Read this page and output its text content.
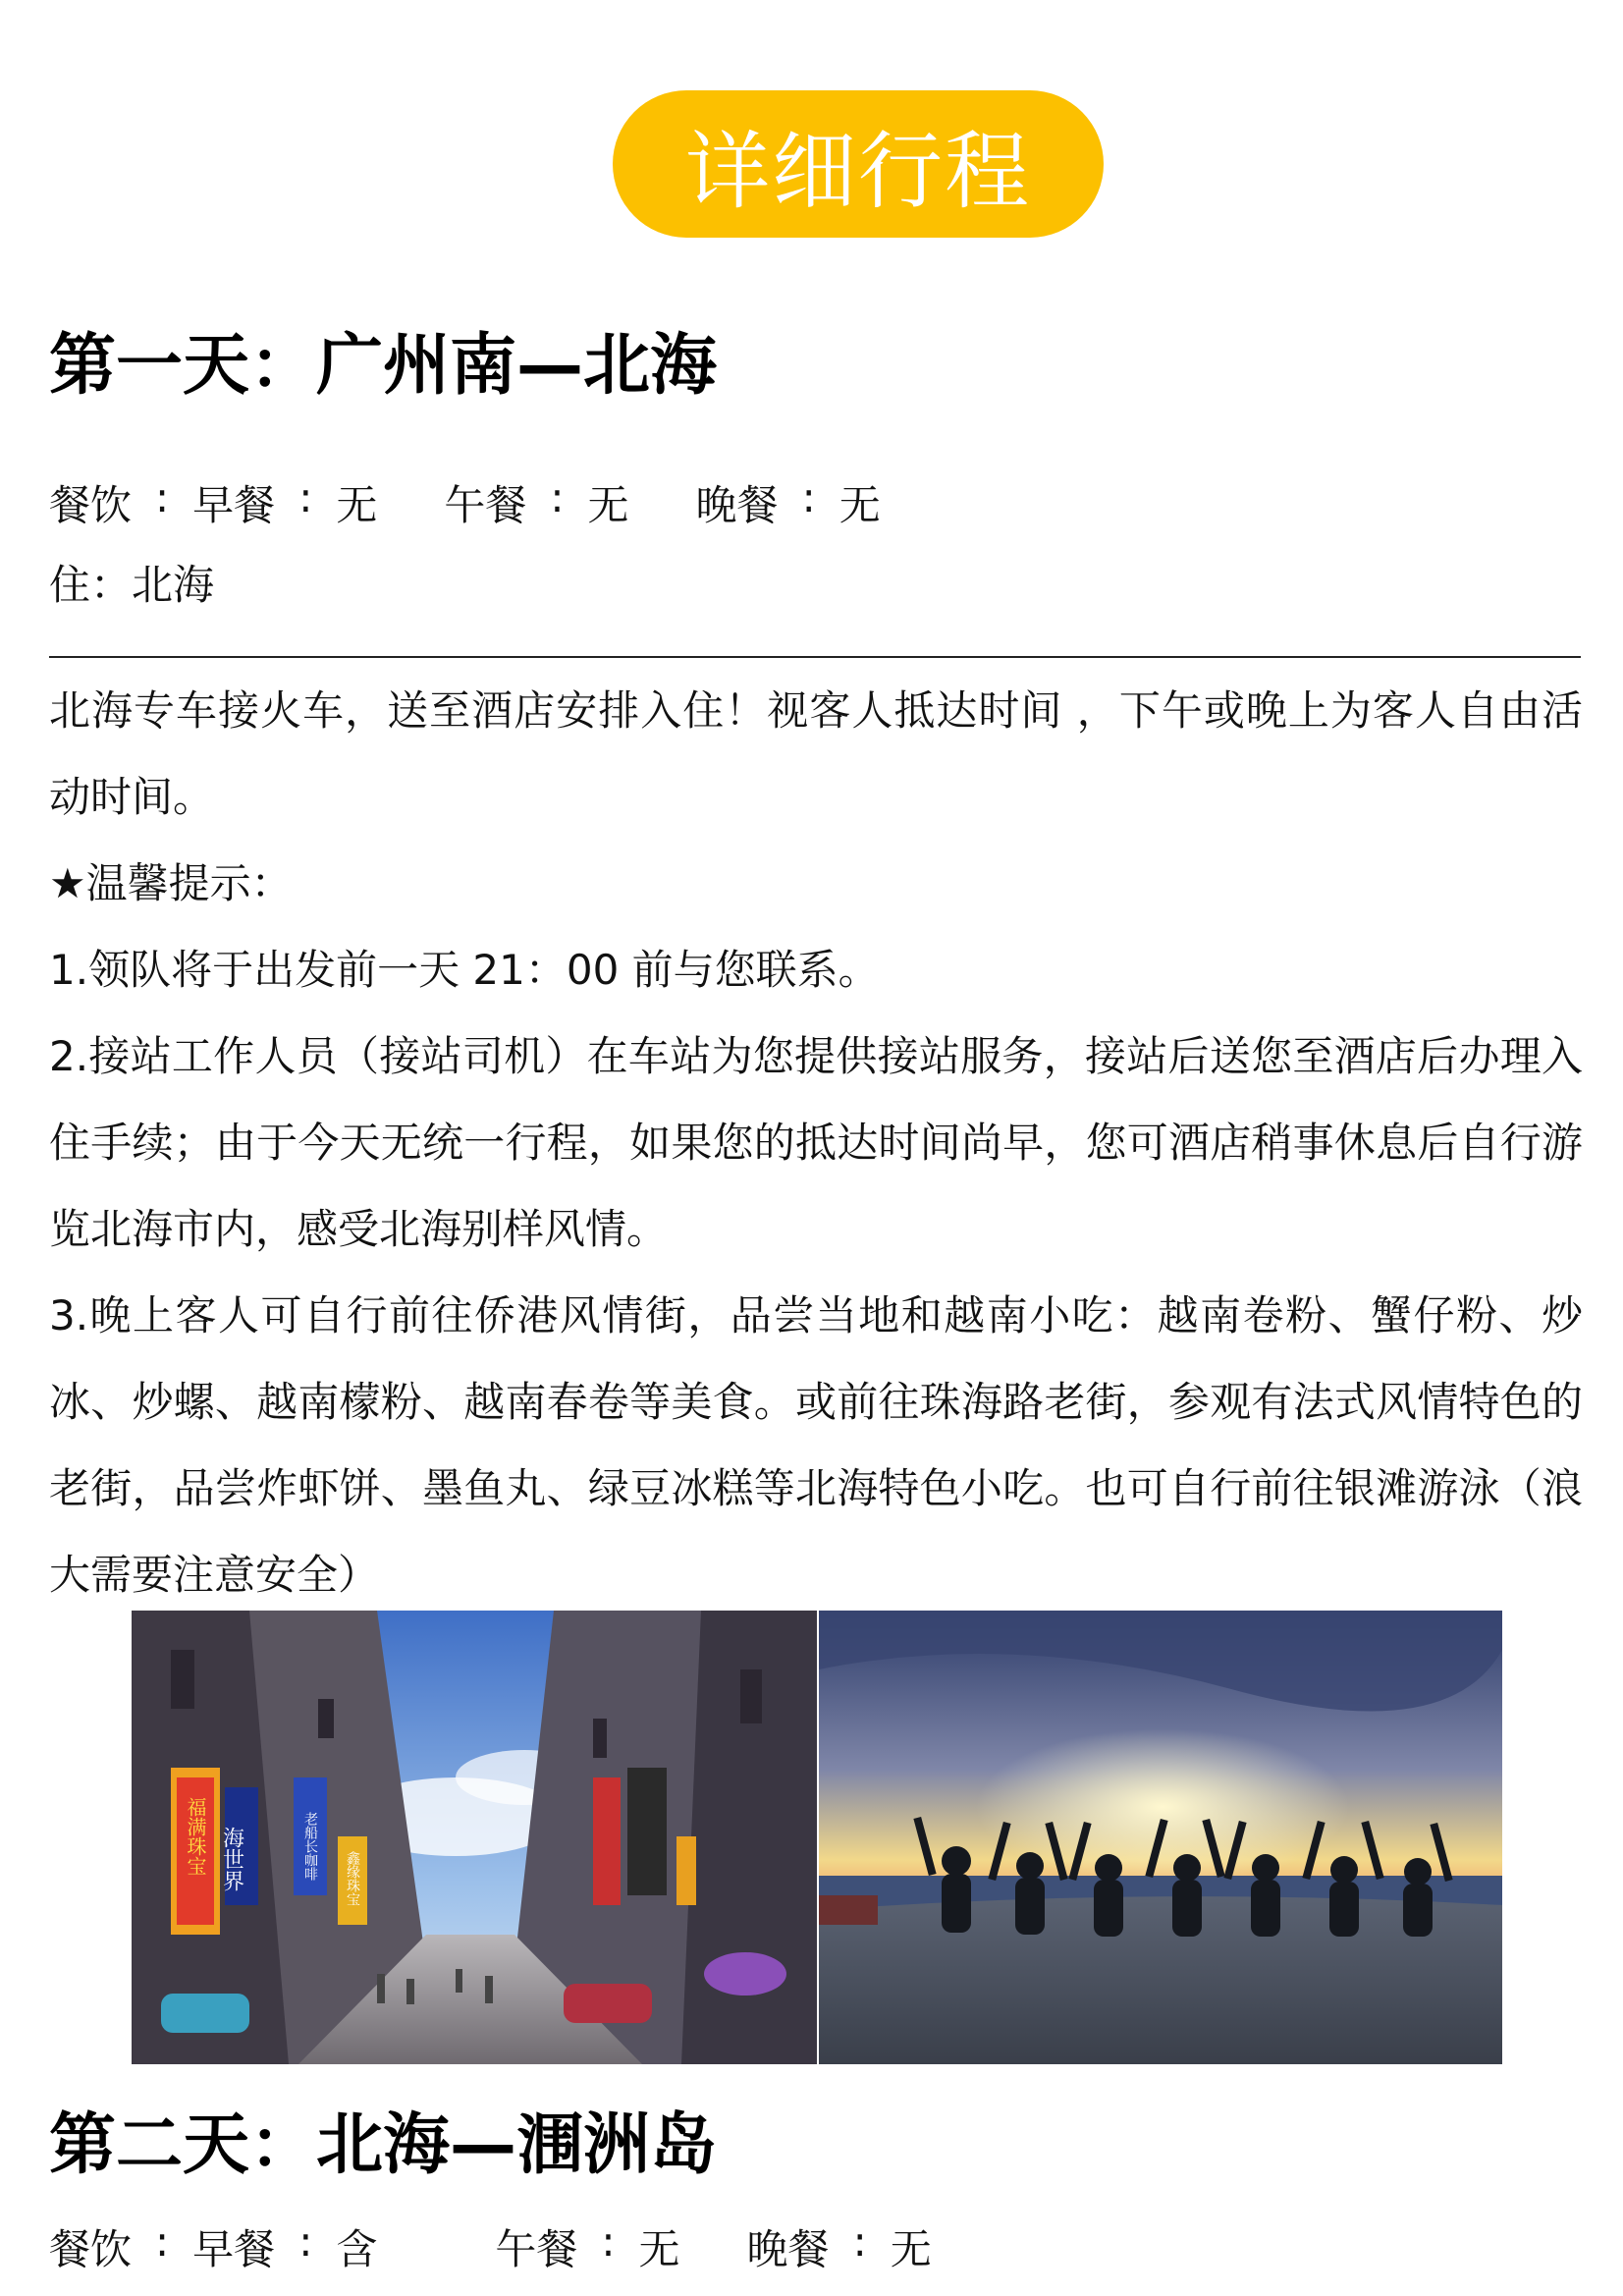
详细行程
第一天：广州南—北海
餐饮 : 早餐 : 无 午餐 : 无 晚餐 : 无
住：北海

北海专车接火车，送至酒店安排入住！视客人抵达时间 ，下午或晚上为客人自由活动时间。

★温馨提示：

1.领队将于出发前一天 21：00 前与您联系。

2.接站工作人员（接站司机）在车站为您提供接站服务，接站后送您至酒店后办理入住手续；由于今天无统一行程，如果您的抵达时间尚早，您可酒店稍事休息后自行游览北海市内，感受北海别样风情。

3.晚上客人可自行前往侨港风情街，品尝当地和越南小吃：越南卷粉、蟹仔粉、炒冰、炒螺、越南檬粉、越南春卷等美食。或前往珠海路老街，参观有法式风情特色的老街，品尝炸虾饼、墨鱼丸、绿豆冰糕等北海特色小吃。也可自行前往银滩游泳（浪大需要注意安全）

海世界	老船长咖啡
福满珠宝
鑫缘珠宝
第二天：北海—涠洲岛
餐饮 : 早餐 : 含	午餐 : 无 晚餐 : 无
